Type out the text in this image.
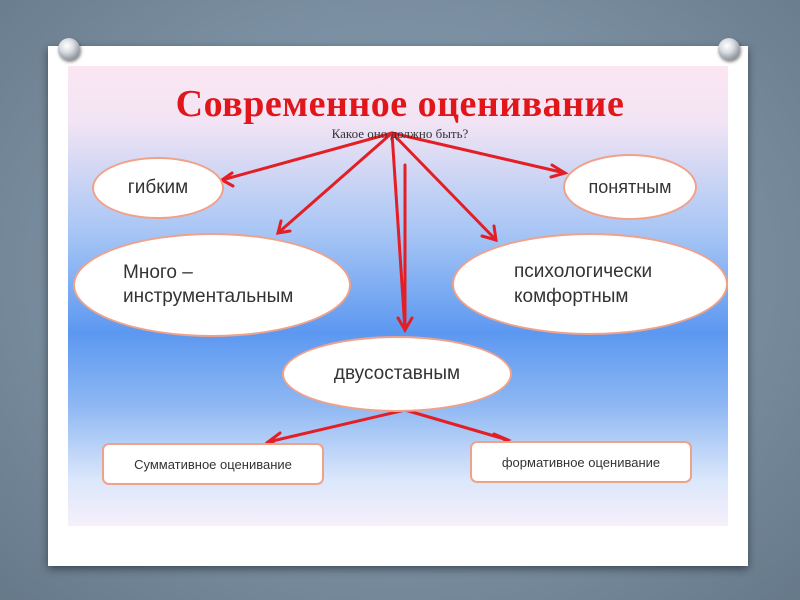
Современное оценивание
Какое оно должно быть?
гибким	понятным
Много –
инструментальным
психологически
комфортным
двусоставным
Суммативное оценивание	формативное оценивание
